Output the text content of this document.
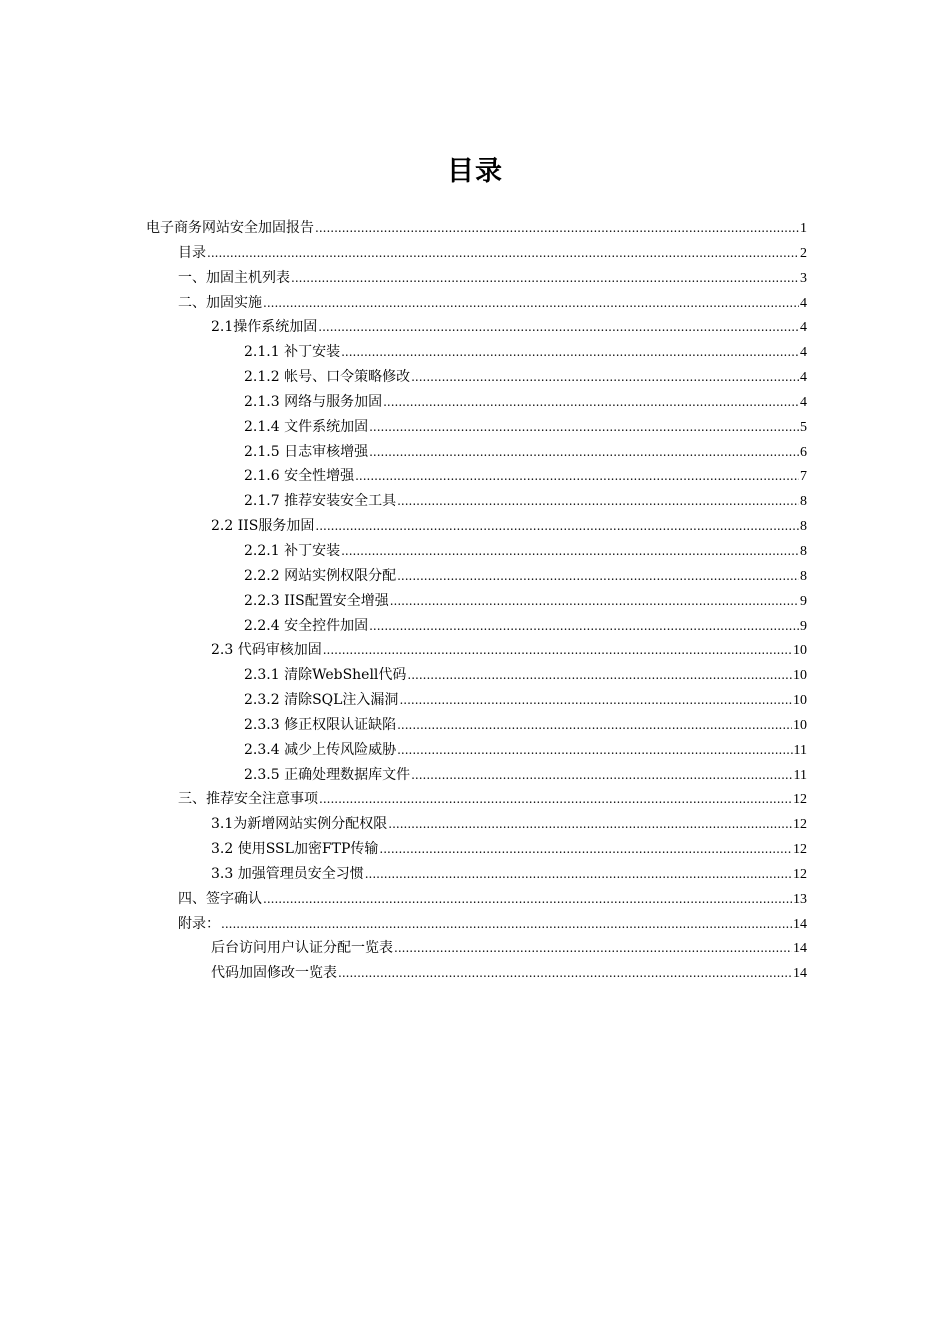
目录
电子商务网站安全加固报告 .....	1
目录 .....	2
一、加固主机列表 .....	3
二、加固实施 .....	4
2.1操作系统加固 .....	4
2.1.1 补丁安装 .....	4
2.1.2 帐号、口令策略修改 .....	4
2.1.3 网络与服务加固 .....	4
2.1.4 文件系统加固 .....	5
2.1.5 日志审核增强 .....	6
2.1.6 安全性增强 .....	7
2.1.7 推荐安装安全工具 .....	8
2.2 IIS服务加固 .....	8
2.2.1 补丁安装 .....	8
2.2.2 网站实例权限分配 .....	8
2.2.3 IIS配置安全增强 .....	9
2.2.4 安全控件加固 .....	9
2.3 代码审核加固 .....	10
2.3.1 清除WebShell代码 .....	10
2.3.2 清除SQL注入漏洞 .....	10
2.3.3 修正权限认证缺陷 .....	10
2.3.4 减少上传风险威胁 .....	11
2.3.5 正确处理数据库文件 .....	11
三、推荐安全注意事项 .....	12
3.1为新增网站实例分配权限 .....	12
3.2 使用SSL加密FTP传输 .....	12
3.3 加强管理员安全习惯 .....	12
四、签字确认 .....	13
附录： .....	14
后台访问用户认证分配一览表 .....	14
代码加固修改一览表 .....	14
